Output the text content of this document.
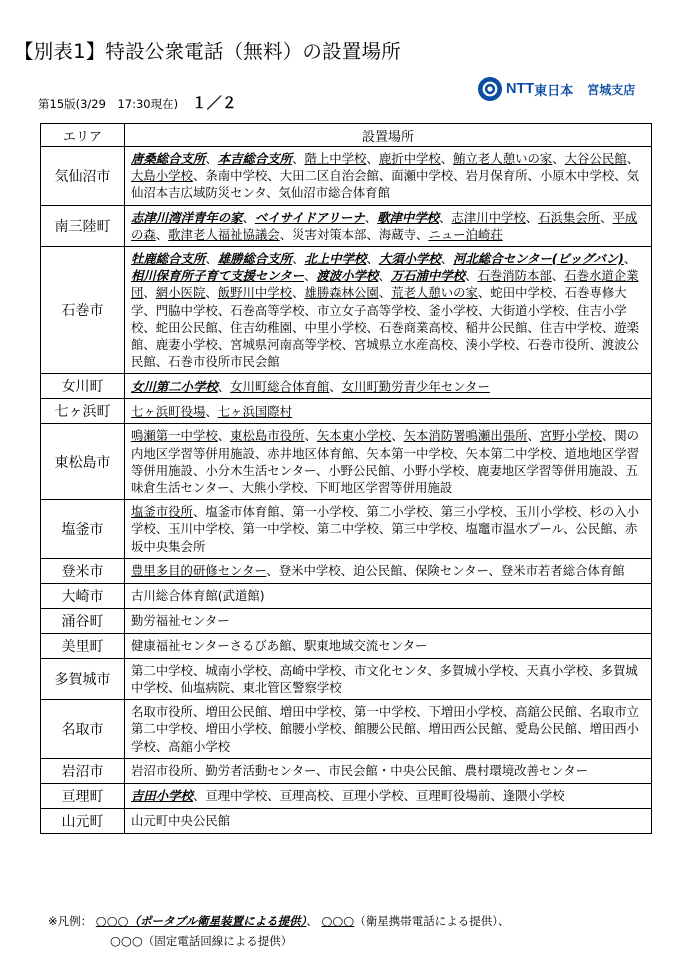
【別表1】特設公衆電話（無料）の設置場所
第15版(3/29　17:30現在) １／２
NTT 東日本 宮城支店
エリア	設置場所
気仙沼市	唐桑総合支所、本吉総合支所、階上中学校、鹿折中学校、鮪立老人憩いの家、大谷公民館、大島小学校、条南中学校、大田二区自治会館、面瀬中学校、岩月保育所、小原木中学校、気仙沼本吉広域防災センタ、気仙沼市総合体育館
南三陸町	志津川湾洋青年の家、ベイサイドアリーナ、歌津中学校、志津川中学校、石浜集会所、平成の森、歌津老人福祉協議会、災害対策本部、海蔵寺、ニュー泊崎荘
石巻市	牡鹿総合支所、雄勝総合支所、北上中学校、大須小学校、河北総合センター(ビッグバン)、相川保育所子育て支援センター、渡波小学校、万石浦中学校、石巻消防本部、石巻水道企業団、網小医院、飯野川中学校、雄勝森林公園、荒老人憩いの家、蛇田中学校、石巻専修大学、門脇中学校、石巻高等学校、市立女子高等学校、釜小学校、大街道小学校、住吉小学校、蛇田公民館、住吉幼稚園、中里小学校、石巻商業高校、稲井公民館、住吉中学校、遊楽館、鹿妻小学校、宮城県河南高等学校、宮城県立水産高校、湊小学校、石巻市役所、渡波公民館、石巻市役所市民会館
女川町	女川第二小学校、女川町総合体育館、女川町勤労青少年センター
七ヶ浜町	七ヶ浜町役場、七ヶ浜国際村
東松島市	鳴瀬第一中学校、東松島市役所、矢本東小学校、矢本消防署鳴瀬出張所、宮野小学校、関の内地区学習等併用施設、赤井地区体育館、矢本第一中学校、矢本第二中学校、道地地区学習等併用施設、小分木生活センター、小野公民館、小野小学校、鹿妻地区学習等併用施設、五味倉生活センター、大熊小学校、下町地区学習等併用施設
塩釜市	塩釜市役所、塩釜市体育館、第一小学校、第二小学校、第三小学校、玉川小学校、杉の入小学校、玉川中学校、第一中学校、第二中学校、第三中学校、塩竈市温水プール、公民館、赤坂中央集会所
登米市	豊里多目的研修センター、登米中学校、迫公民館、保険センター、登米市若者総合体育館
大崎市	古川総合体育館(武道館)
涌谷町	勤労福祉センター
美里町	健康福祉センターさるびあ館、駅東地域交流センター
多賀城市	第二中学校、城南小学校、高崎中学校、市文化センタ、多賀城小学校、天真小学校、多賀城中学校、仙塩病院、東北管区警察学校
名取市	名取市役所、増田公民館、増田中学校、第一中学校、下増田小学校、高舘公民館、名取市立第二中学校、増田小学校、館腰小学校、館腰公民館、増田西公民館、愛島公民館、増田西小学校、高舘小学校
岩沼市	岩沼市役所、勤労者活動センター、市民会館・中央公民館、農村環境改善センター
亘理町	吉田小学校、亘理中学校、亘理高校、亘理小学校、亘理町役場前、逢隈小学校
山元町	山元町中央公民館
※凡例： ○○○（ポータブル衛星装置による提供）、 ○○○（衛星携帯電話による提供）、
○○○（固定電話回線による提供）
